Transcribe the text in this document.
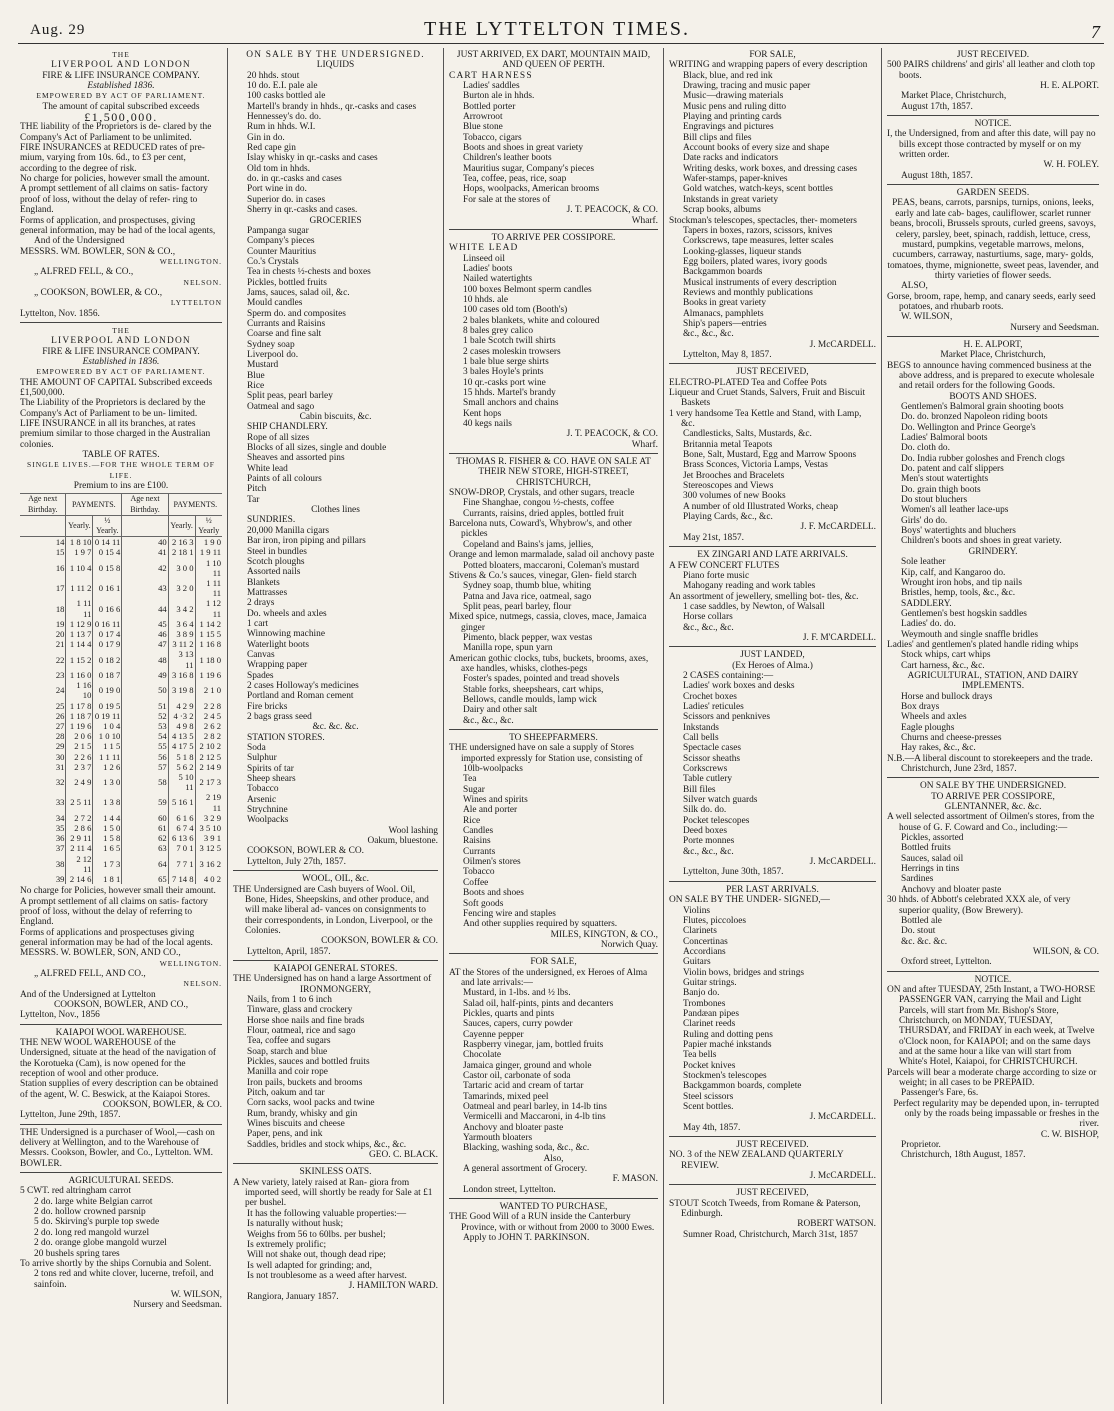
Aug. 29	THE LYTTELTON TIMES.	7

THE

LIVERPOOL AND LONDON

FIRE & LIFE INSURANCE COMPANY.

Established 1836.

EMPOWERED BY ACT OF PARLIAMENT.

The amount of capital subscribed exceeds

£1,500,000.

THE liability of the Proprietors is de- clared by the Company's Act of Parliament to be unlimited.

FIRE INSURANCES at REDUCED rates of pre- mium, varying from 10s. 6d., to £3 per cent, according to the degree of risk.

No charge for policies, however small the amount.

A prompt settlement of all claims on satis- factory proof of loss, without the delay of refer- ring to England.

Forms of application, and prospectuses, giving general information, may be had of the local agents,

And of the Undersigned

MESSRS. WM. BOWLER, SON & CO.,

WELLINGTON.

„ ALFRED FELL, & CO.,

NELSON.

„ COOKSON, BOWLER, & CO.,

LYTTELTON

Lyttelton, Nov. 1856.

THE

LIVERPOOL AND LONDON

FIRE & LIFE INSURANCE COMPANY.

Established in 1836.

EMPOWERED BY ACT OF PARLIAMENT.

THE AMOUNT OF CAPITAL Subscribed exceeds £1,500,000.

The Liability of the Proprietors is declared by the Company's Act of Parliament to be un- limited.

LIFE INSURANCE in all its branches, at rates premium similar to those charged in the Australian colonies.

TABLE OF RATES.

SINGLE LIVES.—FOR THE WHOLE TERM OF LIFE.

Premium to ins are £100.

Age next Birthday.	PAYMENTS.		Age next Birthday.	PAYMENTS.	
	Yearly.	½ Yearly.		Yearly.	½ Yearly
14	1 8 10	0 14 11	40	2 16 3	1 9 0
15	1 9 7	0 15 4	41	2 18 1	1 9 11
16	1 10 4	0 15 8	42	3 0 0	1 10 11
17	1 11 2	0 16 1	43	3 2 0	1 11 11
18	1 11 11	0 16 6	44	3 4 2	1 12 11
19	1 12 9	0 16 11	45	3 6 4	1 14 2
20	1 13 7	0 17 4	46	3 8 9	1 15 5
21	1 14 4	0 17 9	47	3 11 2	1 16 8
22	1 15 2	0 18 2	48	3 13 11	1 18 0
23	1 16 0	0 18 7	49	3 16 8	1 19 6
24	1 16 10	0 19 0	50	3 19 8	2 1 0
25	1 17 8	0 19 5	51	4 2 9	2 2 8
26	1 18 7	0 19 11	52	4 ·3 2	2 4 5
27	1 19 6	1 0 4	53	4 9 8	2 6 2
28	2 0 6	1 0 10	54	4 13 5	2 8 2
29	2 1 5	1 1 5	55	4 17 5	2 10 2
30	2 2 6	1 1 11	56	5 1 8	2 12 5
31	2 3 7	1 2 6	57	5 6 2	2 14 9
32	2 4 9	1 3 0	58	5 10 11	2 17 3
33	2 5 11	1 3 8	59	5 16 1	2 19 11
34	2 7 2	1 4 4	60	6 1 6	3 2 9
35	2 8 6	1 5 0	61	6 7 4	3 5 10
36	2 9 11	1 5 8	62	6 13 6	3 9 1
37	2 11 4	1 6 5	63	7 0 1	3 12 5
38	2 12 11	1 7 3	64	7 7 1	3 16 2
39	2 14 6	1 8 1	65	7 14 8	4 0 2

No charge for Policies, however small their amount.

A prompt settlement of all claims on satis- factory proof of loss, without the delay of referring to England.

Forms of applications and prospectuses giving general information may be had of the local agents.

MESSRS. W. BOWLER, SON, AND CO.,

WELLINGTON.

„ ALFRED FELL, AND CO.,

NELSON.

And of the Undersigned at Lyttelton

COOKSON, BOWLER, AND CO.,

Lyttelton, Nov., 1856

KAIAPOI WOOL WAREHOUSE.

THE NEW WOOL WAREHOUSE of the Undersigned, situate at the head of the navigation of the Korotueka (Cam), is now opened for the reception of wool and other produce.

Station supplies of every description can be obtained of the agent, W. C. Beswick, at the Kaiapoi Stores.

COOKSON, BOWLER, & CO.

Lyttelton, June 29th, 1857.

THE Undersigned is a purchaser of Wool,—cash on delivery at Wellington, and to the Warehouse of Messrs. Cookson, Bowler, and Co., Lyttelton. WM. BOWLER.

AGRICULTURAL SEEDS.

5 CWT. red altringham carrot

2 do. large white Belgian carrot

2 do. hollow crowned parsnip

5 do. Skirving's purple top swede

2 do. long red mangold wurzel

2 do. orange globe mangold wurzel

20 bushels spring tares

To arrive shortly by the ships Cornubia and Solent.

2 tons red and white clover, lucerne, trefoil, and sainfoin.

W. WILSON,

Nursery and Seedsman.

ON SALE BY THE UNDERSIGNED.

LIQUIDS

20 hhds. stout

10 do. E.I. pale ale

100 casks bottled ale

Martell's brandy in hhds., qr.-casks and cases

Hennessey's do. do.

Rum in hhds. W.I.

Gin in do.

Red cape gin

Islay whisky in qr.-casks and cases

Old tom in hhds.

do. in qr.-casks and cases

Port wine in do.

Superior do. in cases

Sherry in qr.-casks and cases.

GROCERIES

Pampanga sugar

Company's pieces

Counter Mauritius

Co.'s Crystals

Tea in chests ½-chests and boxes

Pickles, bottled fruits

Jams, sauces, salad oil, &c.

Mould candles

Sperm do. and composites

Currants and Raisins

Coarse and fine salt

Sydney soap

Liverpool do.

Mustard

Blue

Rice

Split peas, pearl barley

Oatmeal and sago

Cabin biscuits, &c.

SHIP CHANDLERY.

Rope of all sizes

Blocks of all sizes, single and double

Sheaves and assorted pins

White lead

Paints of all colours

Pitch

Tar

Clothes lines

SUNDRIES.

20,000 Manilla cigars

Bar iron, iron piping and pillars

Steel in bundles

Scotch ploughs

Assorted nails

Blankets

Mattrasses

2 drays

Do. wheels and axles

1 cart

Winnowing machine

Waterlight boots

Canvas

Wrapping paper

Spades

2 cases Holloway's medicines

Portland and Roman cement

Fire bricks

2 bags grass seed

&c. &c. &c.

STATION STORES.

Soda

Sulphur

Spirits of tar

Sheep shears

Tobacco

Arsenic

Strychnine

Woolpacks

Wool lashing

Oakum, bluestone.

COOKSON, BOWLER & CO.

Lyttelton, July 27th, 1857.

WOOL, OIL, &c.

THE Undersigned are Cash buyers of Wool. Oil, Bone, Hides, Sheepskins, and other produce, and will make liberal ad- vances on consignments to their correspondents, in London, Liverpool, or the Colonies.

COOKSON, BOWLER & CO.

Lyttelton, April, 1857.

KAIAPOI GENERAL STORES.

THE Undersigned has on hand a large Assortment of

IRONMONGERY,

Nails, from 1 to 6 inch

Tinware, glass and crockery

Horse shoe nails and fine brads

Flour, oatmeal, rice and sago

Tea, coffee and sugars

Soap, starch and blue

Pickles, sauces and bottled fruits

Manilla and coir rope

Iron pails, buckets and brooms

Pitch, oakum and tar

Corn sacks, wool packs and twine

Rum, brandy, whisky and gin

Wines biscuits and cheese

Paper, pens, and ink

Saddles, bridles and stock whips, &c., &c.

GEO. C. BLACK.

SKINLESS OATS.

A New variety, lately raised at Ran- giora from imported seed, will shortly be ready for Sale at £1 per bushel.

It has the following valuable properties:—

Is naturally without husk;

Weighs from 56 to 60lbs. per bushel;

Is extremely prolific;

Will not shake out, though dead ripe;

Is well adapted for grinding; and,

Is not troublesome as a weed after harvest.

J. HAMILTON WARD.

Rangiora, January 1857.

JUST ARRIVED, EX DART, MOUNTAIN MAID, AND QUEEN OF PERTH.

CART HARNESS

Ladies' saddles

Burton ale in hhds.

Bottled porter

Arrowroot

Blue stone

Tobacco, cigars

Boots and shoes in great variety

Children's leather boots

Mauritius sugar, Company's pieces

Tea, coffee, peas, rice, soap

Hops, woolpacks, American brooms

For sale at the stores of

J. T. PEACOCK, & CO.

Wharf.

TO ARRIVE PER COSSIPORE.

WHITE LEAD

Linseed oil

Ladies' boots

Nailed watertights

100 boxes Belmont sperm candles

10 hhds. ale

100 cases old tom (Booth's)

2 bales blankets, white and coloured

8 bales grey calico

1 bale Scotch twill shirts

2 cases moleskin trowsers

1 bale blue serge shirts

3 bales Hoyle's prints

10 qr.-casks port wine

15 hhds. Martel's brandy

Small anchors and chains

Kent hops

40 kegs nails

J. T. PEACOCK, & CO.

Wharf.

THOMAS R. FISHER & CO. HAVE ON SALE AT THEIR NEW STORE, HIGH-STREET, CHRISTCHURCH,

SNOW-DROP, Crystals, and other sugars, treacle

Fine Shanghae, congou ½-chests, coffee

Currants, raisins, dried apples, bottled fruit

Barcelona nuts, Coward's, Whybrow's, and other pickles

Copeland and Bains's jams, jellies,

Orange and lemon marmalade, salad oil anchovy paste

Potted bloaters, maccaroni, Coleman's mustard

Stivens & Co.'s sauces, vinegar, Glen- field starch

Sydney soap, thumb blue, whiting

Patna and Java rice, oatmeal, sago

Split peas, pearl barley, flour

Mixed spice, nutmegs, cassia, cloves, mace, Jamaica ginger

Pimento, black pepper, wax vestas

Manilla rope, spun yarn

American gothic clocks, tubs, buckets, brooms, axes, axe handles, whisks, clothes-pegs

Foster's spades, pointed and tread shovels

Stable forks, sheepshears, cart whips,

Bellows, candle moulds, lamp wick

Dairy and other salt

&c., &c., &c.

TO SHEEPFARMERS.

THE undersigned have on sale a supply of Stores imported expressly for Station use, consisting of

10lb-woolpacks

Tea

Sugar

Wines and spirits

Ale and porter

Rice

Candles

Raisins

Currants

Oilmen's stores

Tobacco

Coffee

Boots and shoes

Soft goods

Fencing wire and staples

And other supplies required by squatters.

MILES, KINGTON, & CO.,

Norwich Quay.

FOR SALE,

AT the Stores of the undersigned, ex Heroes of Alma and late arrivals:—

Mustard, in 1-lbs. and ½ lbs.

Salad oil, half-pints, pints and decanters

Pickles, quarts and pints

Sauces, capers, curry powder

Cayenne pepper

Raspberry vinegar, jam, bottled fruits

Chocolate

Jamaica ginger, ground and whole

Castor oil, carbonate of soda

Tartaric acid and cream of tartar

Tamarinds, mixed peel

Oatmeal and pearl barley, in 14-lb tins

Vermicelli and Maccaroni, in 4-lb tins

Anchovy and bloater paste

Yarmouth bloaters

Blacking, washing soda, &c., &c.

Also,

A general assortment of Grocery.

F. MASON.

London street, Lyttelton.

WANTED TO PURCHASE,

THE Good Will of a RUN inside the Canterbury Province, with or without from 2000 to 3000 Ewes.

Apply to JOHN T. PARKINSON.

FOR SALE,

WRITING and wrapping papers of every description

Black, blue, and red ink

Drawing, tracing and music paper

Music—drawing materials

Music pens and ruling ditto

Playing and printing cards

Engravings and pictures

Bill clips and files

Account books of every size and shape

Date racks and indicators

Writing desks, work boxes, and dressing cases

Wafer-stamps, paper-knives

Gold watches, watch-keys, scent bottles

Inkstands in great variety

Scrap books, albums

Stockman's telescopes, spectacles, ther- mometers

Tapers in boxes, razors, scissors, knives

Corkscrews, tape measures, letter scales

Looking-glasses, liqueur stands

Egg boilers, plated wares, ivory goods

Backgammon boards

Musical instruments of every description

Reviews and monthly publications

Books in great variety

Almanacs, pamphlets

Ship's papers—entries

&c., &c., &c.

J. McCARDELL.

Lyttelton, May 8, 1857.

JUST RECEIVED,

ELECTRO-PLATED Tea and Coffee Pots

Liqueur and Cruet Stands, Salvers, Fruit and Biscuit Baskets

1 very handsome Tea Kettle and Stand, with Lamp, &c.

Candlesticks, Salts, Mustards, &c.

Britannia metal Teapots

Bone, Salt, Mustard, Egg and Marrow Spoons

Brass Sconces, Victoria Lamps, Vestas

Jet Brooches and Bracelets

Stereoscopes and Views

300 volumes of new Books

A number of old Illustrated Works, cheap

Playing Cards, &c., &c.

J. F. McCARDELL.

May 21st, 1857.

EX ZINGARI AND LATE ARRIVALS.

A FEW CONCERT FLUTES

Piano forte music

Mahogany reading and work tables

An assortment of jewellery, smelling bot- tles, &c.

1 case saddles, by Newton, of Walsall

Horse collars

&c., &c., &c.

J. F. M'CARDELL.

JUST LANDED,

(Ex Heroes of Alma.)

2 CASES containing:—

Ladies' work boxes and desks

Crochet boxes

Ladies' reticules

Scissors and penknives

Inkstands

Call bells

Spectacle cases

Scissor sheaths

Corkscrews

Table cutlery

Bill files

Silver watch guards

Silk do. do.

Pocket telescopes

Deed boxes

Porte monnes

&c., &c., &c.

J. McCARDELL.

Lyttelton, June 30th, 1857.

PER LAST ARRIVALS.

ON SALE BY THE UNDER- SIGNED,—

Violins

Flutes, piccoloes

Clarinets

Concertinas

Accordians

Guitars

Violin bows, bridges and strings

Guitar strings.

Banjo do.

Trombones

Pandæan pipes

Clarinet reeds

Ruling and dotting pens

Papier maché inkstands

Tea bells

Pocket knives

Stockmen's telescopes

Backgammon boards, complete

Steel scissors

Scent bottles.

J. McCARDELL.

May 4th, 1857.

JUST RECEIVED.

NO. 3 of the NEW ZEALAND QUARTERLY REVIEW.

J. McCARDELL.

JUST RECEIVED,

STOUT Scotch Tweeds, from Romane & Paterson, Edinburgh.

ROBERT WATSON.

Sumner Road, Christchurch, March 31st, 1857

JUST RECEIVED.

500 PAIRS childrens' and girls' all leather and cloth top boots.

H. E. ALPORT.

Market Place, Christchurch,

August 17th, 1857.

NOTICE.

I, the Undersigned, from and after this date, will pay no bills except those contracted by myself or on my written order.

W. H. FOLEY.

August 18th, 1857.

GARDEN SEEDS.

PEAS, beans, carrots, parsnips, turnips, onions, leeks, early and late cab- bages, cauliflower, scarlet runner beans, brocoli, Brussels sprouts, curled greens, savoys, celery, parsley, beet, spinach, raddish, lettuce, cress, mustard, pumpkins, vegetable marrows, melons, cucumbers, carraway, nasturtiums, sage, mary- golds, tomatoes, thyme, mignionette, sweet peas, lavender, and thirty varieties of flower seeds.

ALSO,

Gorse, broom, rape, hemp, and canary seeds, early seed potatoes, and rhubarb roots.

W. WILSON,

Nursery and Seedsman.

H. E. ALPORT,

Market Place, Christchurch,

BEGS to announce having commenced business at the above address, and is prepared to execute wholesale and retail orders for the following Goods.

BOOTS AND SHOES.

Gentlemen's Balmoral grain shooting boots

Do. do. bronzed Napoleon riding boots

Do. Wellington and Prince George's

Ladies' Balmoral boots

Do. cloth do.

Do. India rubber goloshes and French clogs

Do. patent and calf slippers

Men's stout watertights

Do. grain thigh boots

Do stout bluchers

Women's all leather lace-ups

Girls' do do.

Boys' watertights and bluchers

Children's boots and shoes in great variety.

GRINDERY.

Sole leather

Kip, calf, and Kangaroo do.

Wrought iron hobs, and tip nails

Bristles, hemp, tools, &c., &c.

SADDLERY.

Gentlemen's best hogskin saddles

Ladies' do. do.

Weymouth and single snaffle bridles

Ladies' and gentlemen's plated handle riding whips

Stock whips, cart whips

Cart harness, &c., &c.

AGRICULTURAL, STATION, AND DAIRY IMPLEMENTS.

Horse and bullock drays

Box drays

Wheels and axles

Eagle ploughs

Churns and cheese-presses

Hay rakes, &c., &c.

N.B.—A liberal discount to storekeepers and the trade.

Christchurch, June 23rd, 1857.

ON SALE BY THE UNDERSIGNED.

TO ARRIVE PER COSSIPORE,

GLENTANNER, &c. &c.

A well selected assortment of Oilmen's stores, from the house of G. F. Coward and Co., including:—

Pickles, assorted

Bottled fruits

Sauces, salad oil

Herrings in tins

Sardines

Anchovy and bloater paste

30 hhds. of Abbott's celebrated XXX ale, of very superior quality, (Bow Brewery).

Bottled ale

Do. stout

&c. &c. &c.

WILSON, & CO.

Oxford street, Lyttelton.

NOTICE.

ON and after TUESDAY, 25th Instant, a TWO-HORSE PASSENGER VAN, carrying the Mail and Light Parcels, will start from Mr. Bishop's Store, Christchurch, on MONDAY, TUESDAY, THURSDAY, and FRIDAY in each week, at Twelve o'Clock noon, for KAIAPOI; and on the same days and at the same hour a like van will start from White's Hotel, Kaiapoi, for CHRISTCHURCH.

Parcels will bear a moderate charge according to size or weight; in all cases to be PREPAID.

Passenger's Fare, 6s.

Perfect regularity may be depended upon, in- terrupted only by the roads being impassable or freshes in the river.

C. W. BISHOP,

Proprietor.

Christchurch, 18th August, 1857.
